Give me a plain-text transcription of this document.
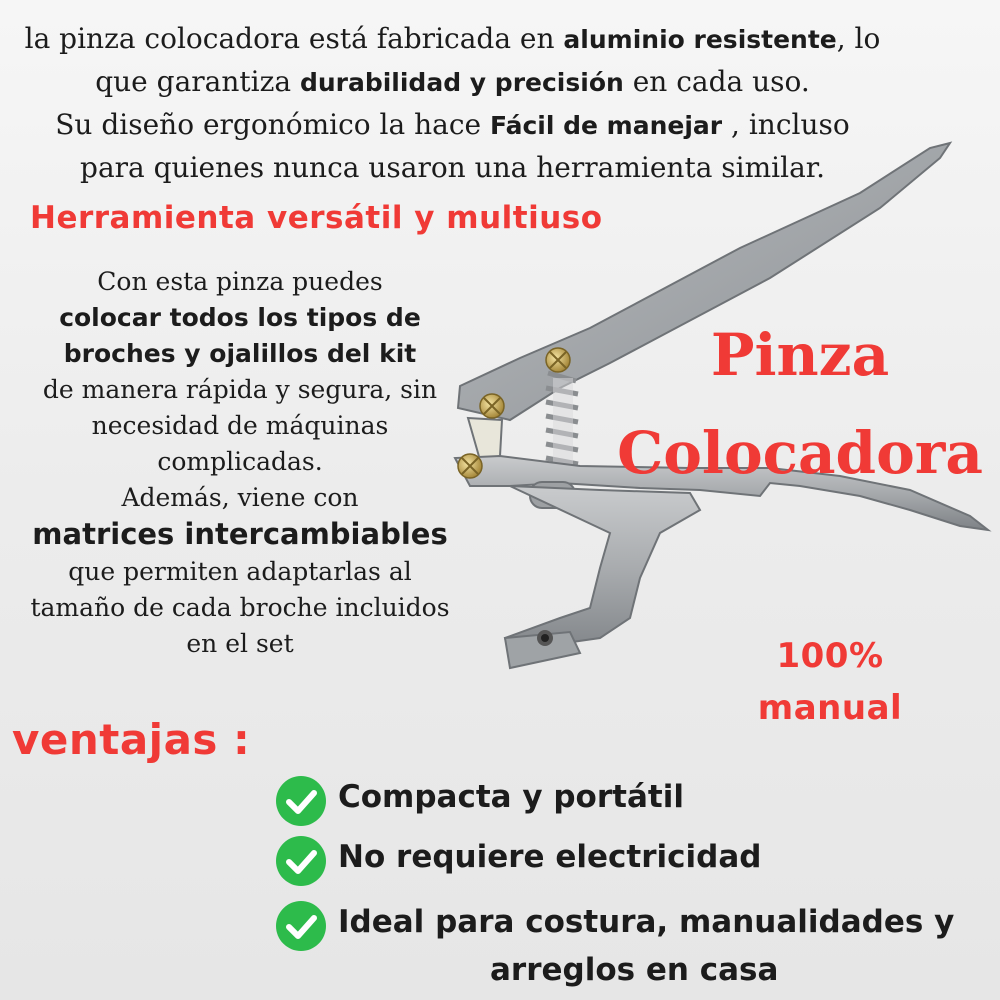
la pinza colocadora está fabricada en aluminio resistente, lo
que garantiza durabilidad y precisión en cada uso.
Su diseño ergonómico la hace Fácil de manejar , incluso
para quienes nunca usaron una herramienta similar.
Herramienta versátil y multiuso
Con esta pinza puedes
colocar todos los tipos de
broches y ojalillos del kit
de manera rápida y segura, sin
necesidad de máquinas
complicadas.
Además, viene con
matrices intercambiables
que permiten adaptarlas al
tamaño de cada broche incluidos
en el set
Pinza
Colocadora
100%
manual
ventajas :
Compacta y portátil
No requiere electricidad
Ideal para costura, manualidades y
arreglos en casa
